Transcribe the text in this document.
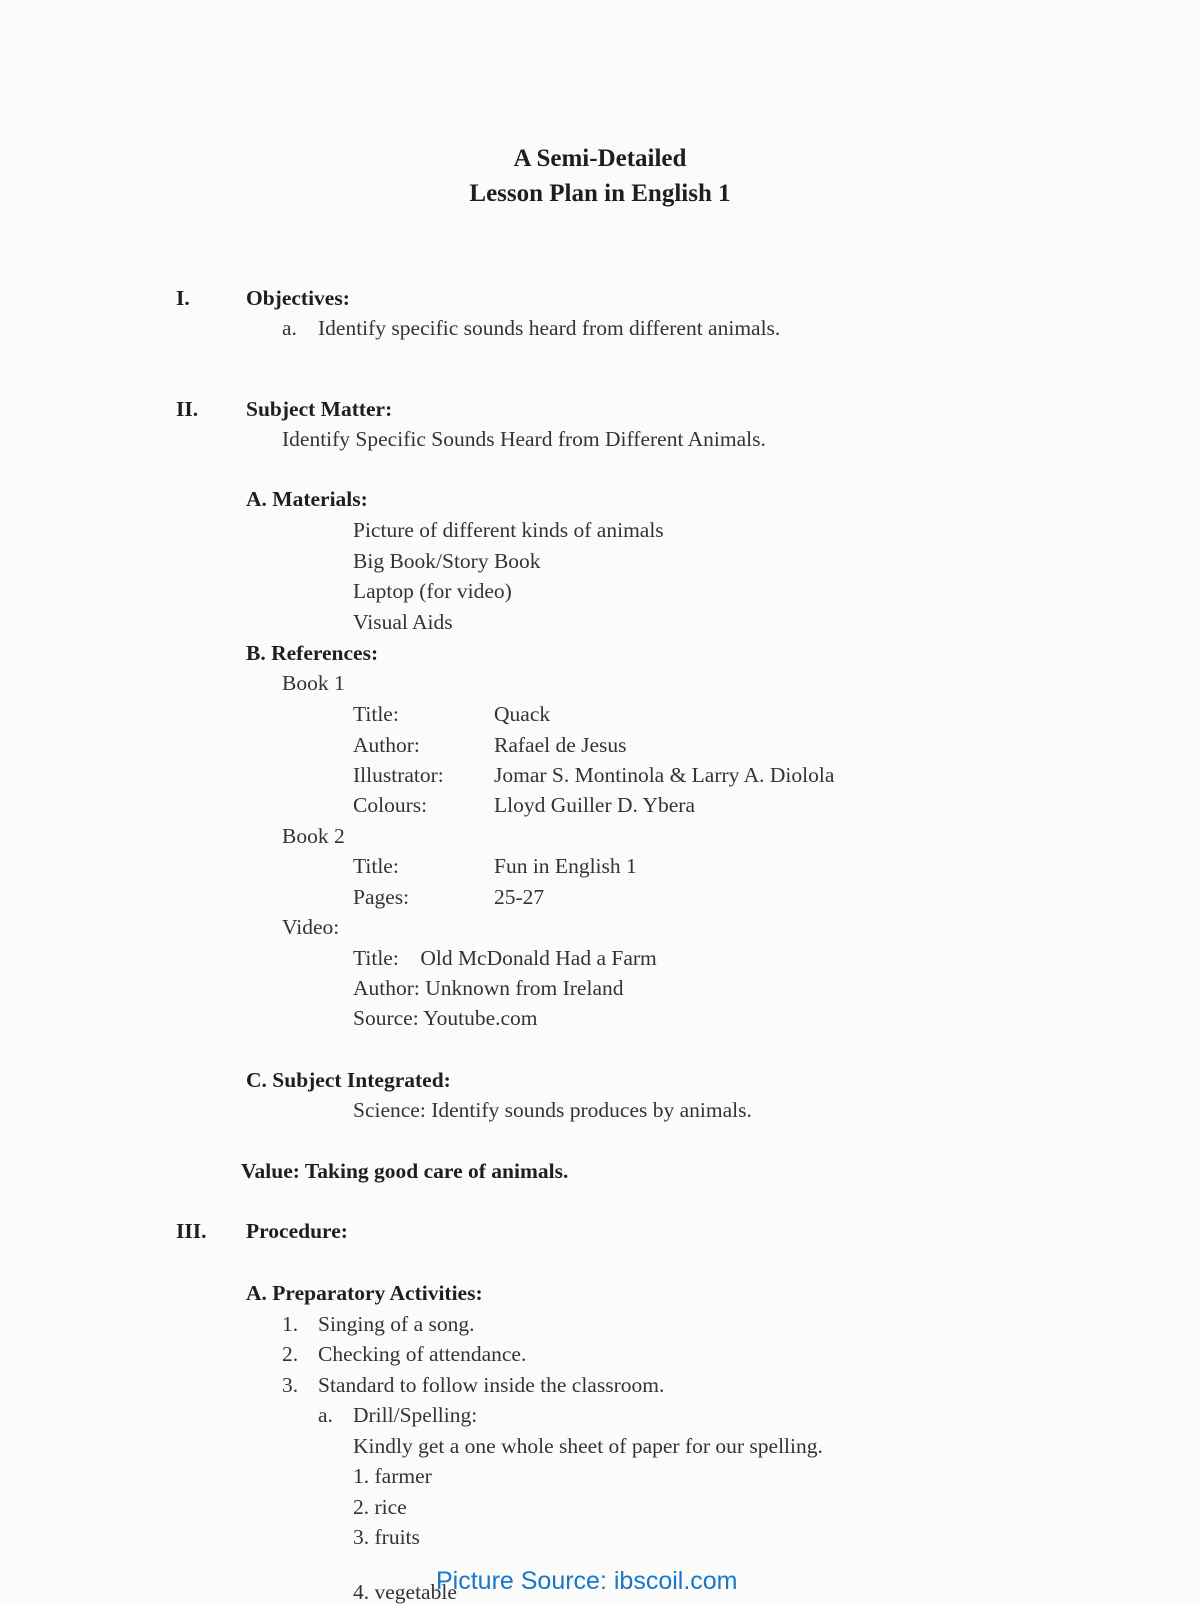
A Semi-Detailed
Lesson Plan in English 1
I.	Objectives:
a. Identify specific sounds heard from different animals.
II. Subject Matter:
Identify Specific Sounds Heard from Different Animals.
A. Materials:
Picture of different kinds of animals
Big Book/Story Book
Laptop (for video)
Visual Aids
B. References:
Book 1
Title:	Quack
Author:	Rafael de Jesus
Illustrator: Jomar S. Montinola & Larry A. Diolola
Colours:	Lloyd Guiller D. Ybera
Book 2
Title:	Fun in English 1
Pages:	25-27
Video:
Title:    Old McDonald Had a Farm
Author: Unknown from Ireland
Source: Youtube.com
C. Subject Integrated:
Science: Identify sounds produces by animals.
Value: Taking good care of animals.
III. Procedure:
A. Preparatory Activities:
1. Singing of a song.
2. Checking of attendance.
3. Standard to follow inside the classroom.
a. Drill/Spelling:
Kindly get a one whole sheet of paper for our spelling.
1. farmer
2. rice
3. fruits
4. vegetable
Picture Source: ibscoil.com
